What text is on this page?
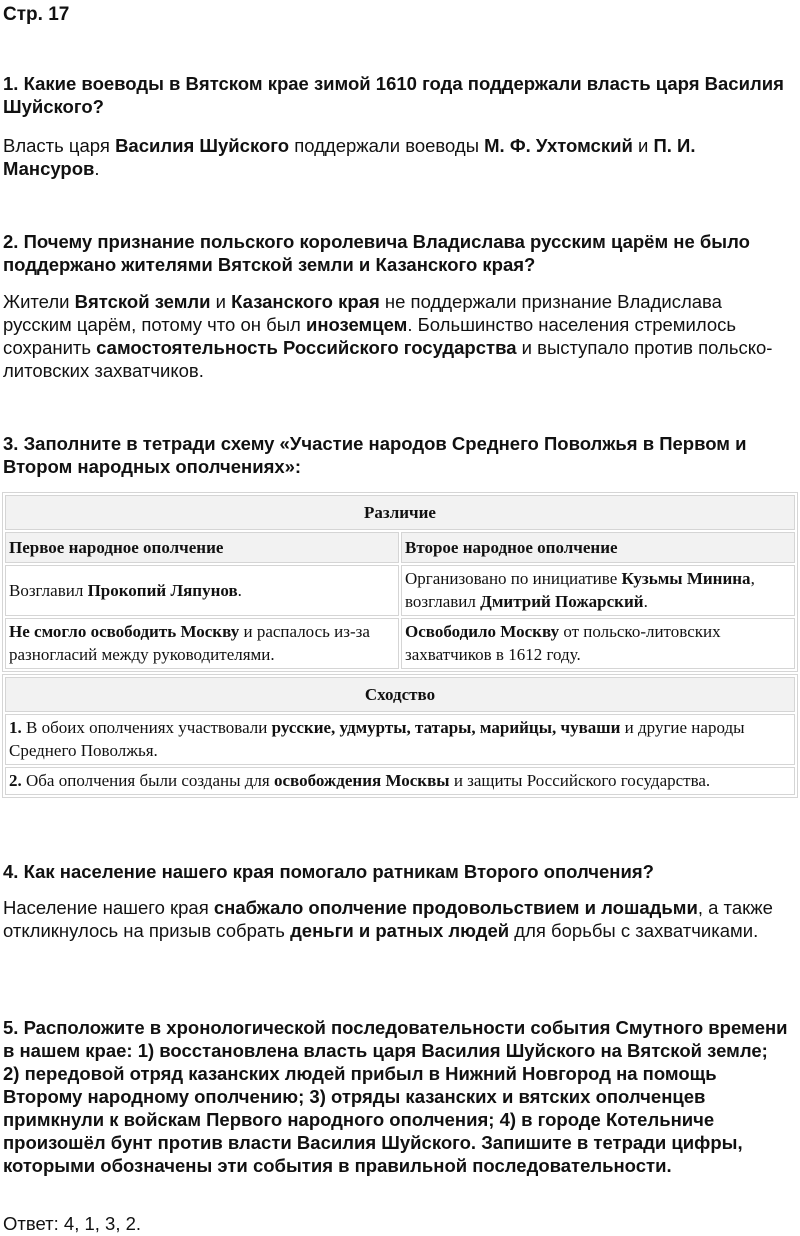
Стр. 17
1. Какие воеводы в Вятском крае зимой 1610 года поддержали власть царя Василия Шуйского?
Власть царя Василия Шуйского поддержали воеводы М. Ф. Ухтомский и П. И. Мансуров.
2. Почему признание польского королевича Владислава русским царём не было поддержано жителями Вятской земли и Казанского края?
Жители Вятской земли и Казанского края не поддержали признание Владислава русским царём, потому что он был иноземцем. Большинство населения стремилось сохранить самостоятельность Российского государства и выступало против польско-литовских захватчиков.
3. Заполните в тетради схему «Участие народов Среднего Поволжья в Первом и Втором народных ополчениях»:
Различие	
Первое народное ополчение	Второе народное ополчение
Возглавил Прокопий Ляпунов.	Организовано по инициативе Кузьмы Минина, возглавил Дмитрий Пожарский.
Не смогло освободить Москву и распалось из-за разногласий между руководителями.	Освободило Москву от польско-литовских захватчиков в 1612 году.
Сходство
1. В обоих ополчениях участвовали русские, удмурты, татары, марийцы, чуваши и другие народы Среднего Поволжья.
2. Оба ополчения были созданы для освобождения Москвы и защиты Российского государства.
4. Как население нашего края помогало ратникам Второго ополчения?
Население нашего края снабжало ополчение продовольствием и лошадьми, а также откликнулось на призыв собрать деньги и ратных людей для борьбы с захватчиками.
5. Расположите в хронологической последовательности события Смутного времени в нашем крае: 1) восстановлена власть царя Василия Шуйского на Вятской земле; 2) передовой отряд казанских людей прибыл в Нижний Новгород на помощь Второму народному ополчению; 3) отряды казанских и вятских ополченцев примкнули к войскам Первого народного ополчения; 4) в городе Котельниче произошёл бунт против власти Василия Шуйского. Запишите в тетради цифры, которыми обозначены эти события в правильной последовательности.
Ответ: 4, 1, 3, 2.
